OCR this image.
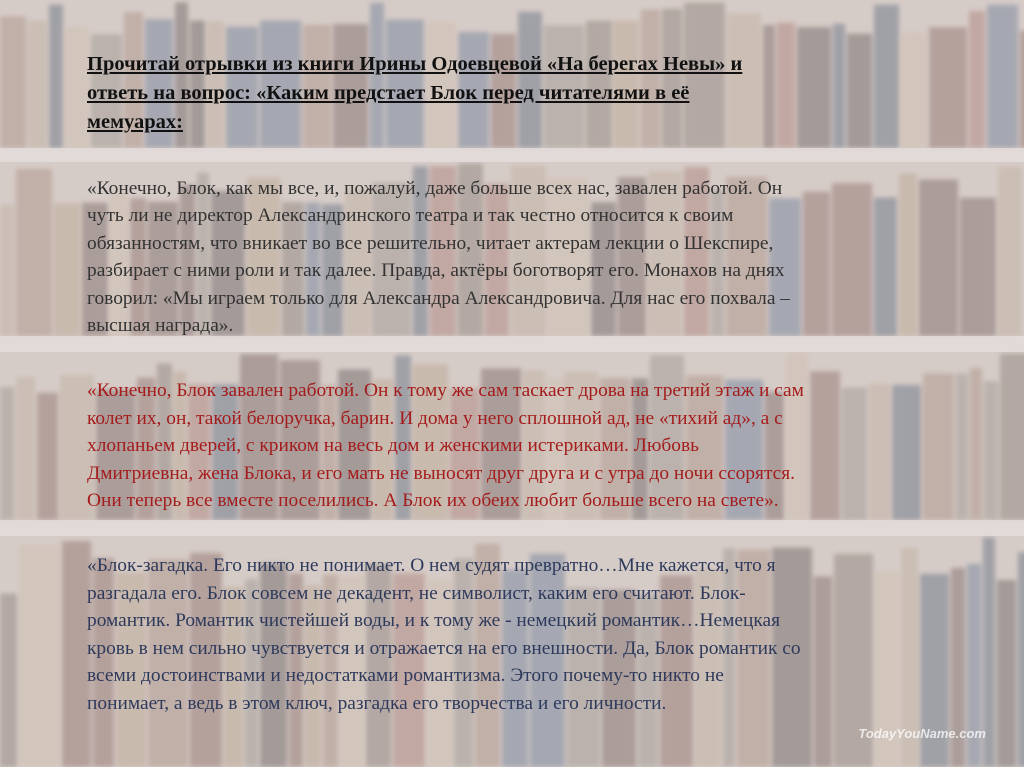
Прочитай отрывки из книги Ирины Одоевцевой «На берегах Невы» и
ответь на вопрос: «Каким предстает Блок перед читателями в её
мемуарах:
«Конечно, Блок, как мы все, и, пожалуй, даже больше всех нас, завален работой. Он
чуть ли не директор Александринского театра и так честно относится к своим
обязанностям, что вникает во все решительно, читает актерам лекции о Шекспире,
разбирает с ними роли и так далее. Правда, актёры боготворят его. Монахов на днях
говорил: «Мы играем только для Александра Александровича. Для нас его похвала –
высшая награда».
«Конечно, Блок завален работой. Он к тому же сам таскает дрова на третий этаж и сам
колет их, он, такой белоручка, барин. И дома у него сплошной ад, не «тихий ад», а с
хлопаньем дверей, с криком на весь дом и женскими истериками. Любовь
Дмитриевна, жена Блока, и его мать не выносят друг друга и с утра до ночи ссорятся.
Они теперь все вместе поселились. А Блок их обеих любит больше всего на свете».
«Блок-загадка. Его никто не понимает. О нем судят превратно…Мне кажется, что я
разгадала его. Блок совсем не декадент, не символист, каким его считают. Блок-
романтик. Романтик чистейшей воды, и к тому же - немецкий романтик…Немецкая
кровь в нем сильно чувствуется и отражается на его внешности. Да, Блок романтик со
всеми достоинствами и недостатками романтизма. Этого почему-то никто не
понимает, а ведь в этом ключ, разгадка его творчества и его личности.
TodayYouName.com
